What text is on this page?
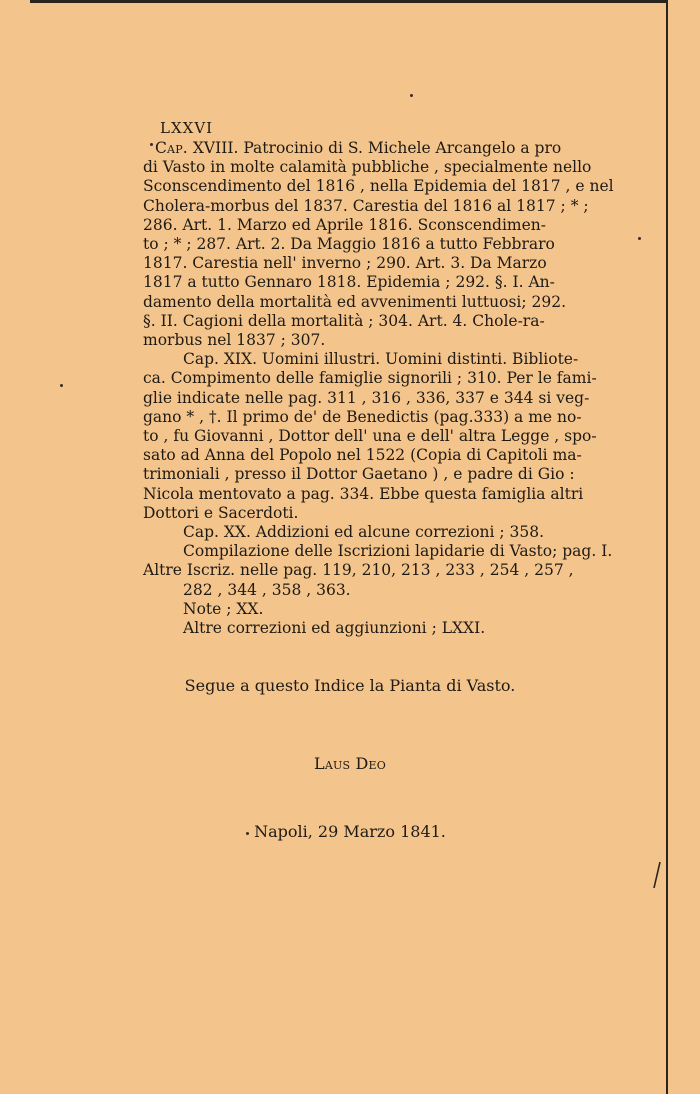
LXXVI
Cap. XVIII. Patrocinio di S. Michele Arcangelo a pro
di Vasto in molte calamità pubbliche , specialmente nello
Sconscendimento del 1816 , nella Epidemia del 1817 , e nel
Cholera-morbus del 1837. Carestia del 1816 al 1817 ; * ;
286. Art. 1. Marzo ed Aprile 1816. Sconscendimen-
to ; * ; 287. Art. 2. Da Maggio 1816 a tutto Febbraro
1817. Carestia nell' inverno ; 290. Art. 3. Da Marzo
1817 a tutto Gennaro 1818. Epidemia ; 292. §. I. An-
damento della mortalità ed avvenimenti luttuosi; 292.
§. II. Cagioni della mortalità ; 304. Art. 4. Chole-ra-
morbus nel 1837 ; 307.
Cap. XIX. Uomini illustri. Uomini distinti. Bibliote-
ca. Compimento delle famiglie signorili ; 310. Per le fami-
glie indicate nelle pag. 311 , 316 , 336, 337 e 344 si veg-
gano * , †. Il primo de' de Benedictis (pag.333) a me no-
to , fu Giovanni , Dottor dell' una e dell' altra Legge , spo-
sato ad Anna del Popolo nel 1522 (Copia di Capitoli ma-
trimoniali , presso il Dottor Gaetano ) , e padre di Gio :
Nicola mentovato a pag. 334. Ebbe questa famiglia altri
Dottori e Sacerdoti.
Cap. XX. Addizioni ed alcune correzioni ; 358.
Compilazione delle Iscrizioni lapidarie di Vasto; pag. I.
Altre Iscriz. nelle pag. 119, 210, 213 , 233 , 254 , 257 ,
282 , 344 , 358 , 363.
Note ; XX.
Altre correzioni ed aggiunzioni ; LXXI.
Segue a questo Indice la Pianta di Vasto.
Laus Deo
Napoli, 29 Marzo 1841.
